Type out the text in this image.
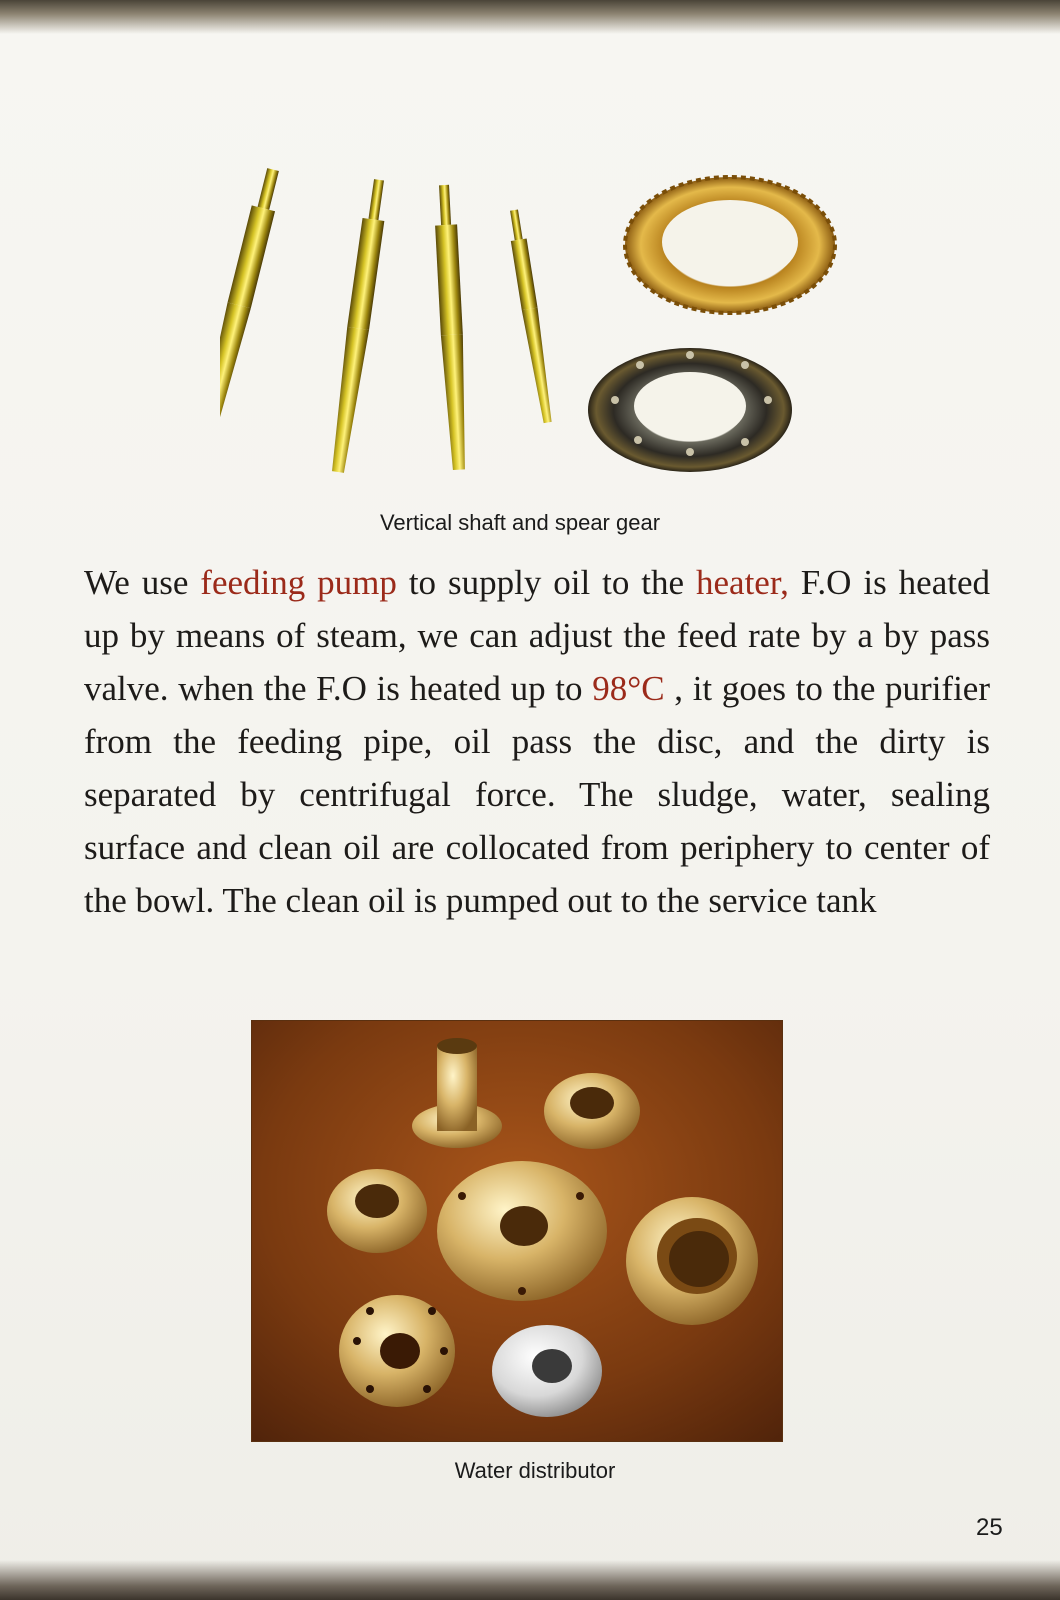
Vertical shaft and spear gear
We use feeding pump to supply oil to the heater, F.O is heated up by means of steam, we can adjust the feed rate by a by pass valve. when the F.O is heated up to 98°C , it goes to the purifier from the feeding pipe, oil pass the disc, and the dirty is separated by centrifugal force. The sludge, water, sealing surface and clean oil are collocated from periphery to center of the bowl. The clean oil is pumped out to the service tank
Water distributor
25
